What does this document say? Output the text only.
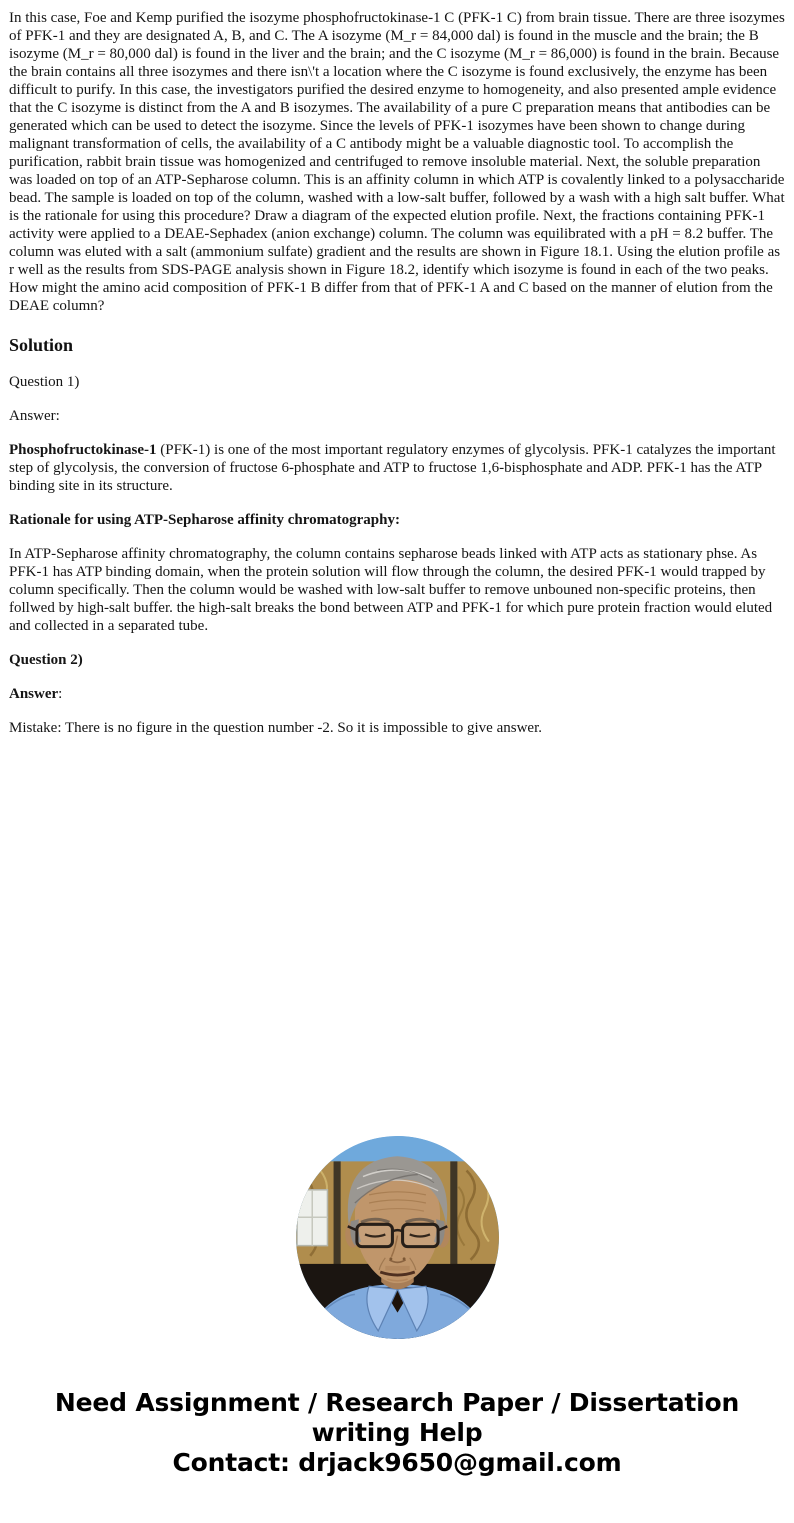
In this case, Foe and Kemp purified the isozyme phosphofructokinase-1 C (PFK-1 C) from brain tissue. There are three isozymes of PFK-1 and they are designated A, B, and C. The A isozyme (M_r = 84,000 dal) is found in the muscle and the brain; the B isozyme (M_r = 80,000 dal) is found in the liver and the brain; and the C isozyme (M_r = 86,000) is found in the brain. Because the brain contains all three isozymes and there isn\'t a location where the C isozyme is found exclusively, the enzyme has been difficult to purify. In this case, the investigators purified the desired enzyme to homogeneity, and also presented ample evidence that the C isozyme is distinct from the A and B isozymes. The availability of a pure C preparation means that antibodies can be generated which can be used to detect the isozyme. Since the levels of PFK-1 isozymes have been shown to change during malignant transformation of cells, the availability of a C antibody might be a valuable diagnostic tool. To accomplish the purification, rabbit brain tissue was homogenized and centrifuged to remove insoluble material. Next, the soluble preparation was loaded on top of an ATP-Sepharose column. This is an affinity column in which ATP is covalently linked to a polysaccharide bead. The sample is loaded on top of the column, washed with a low-salt buffer, followed by a wash with a high salt buffer. What is the rationale for using this procedure? Draw a diagram of the expected elution profile. Next, the fractions containing PFK-1 activity were applied to a DEAE-Sephadex (anion exchange) column. The column was equilibrated with a pH = 8.2 buffer. The column was eluted with a salt (ammonium sulfate) gradient and the results are shown in Figure 18.1. Using the elution profile as r well as the results from SDS-PAGE analysis shown in Figure 18.2, identify which isozyme is found in each of the two peaks. How might the amino acid composition of PFK-1 B differ from that of PFK-1 A and C based on the manner of elution from the DEAE column?

Solution

Question 1)

Answer:

Phosphofructokinase-1 (PFK-1) is one of the most important regulatory enzymes of glycolysis. PFK-1 catalyzes the important step of glycolysis, the conversion of fructose 6-phosphate and ATP to fructose 1,6-bisphosphate and ADP. PFK-1 has the ATP binding site in its structure.

Rationale for using ATP-Sepharose affinity chromatography:

In ATP-Sepharose affinity chromatography, the column contains sepharose beads linked with ATP acts as stationary phse. As PFK-1 has ATP binding domain, when the protein solution will flow through the column, the desired PFK-1 would trapped by column specifically. Then the column would be washed with low-salt buffer to remove unbouned non-specific proteins, then follwed by high-salt buffer. the high-salt breaks the bond between ATP and PFK-1 for which pure protein fraction would eluted and collected in a separated tube.

Question 2)

Answer:

Mistake: There is no figure in the question number -2. So it is impossible to give answer.

Need Assignment / Research Paper / Dissertation
writing Help
Contact: drjack9650@gmail.com
